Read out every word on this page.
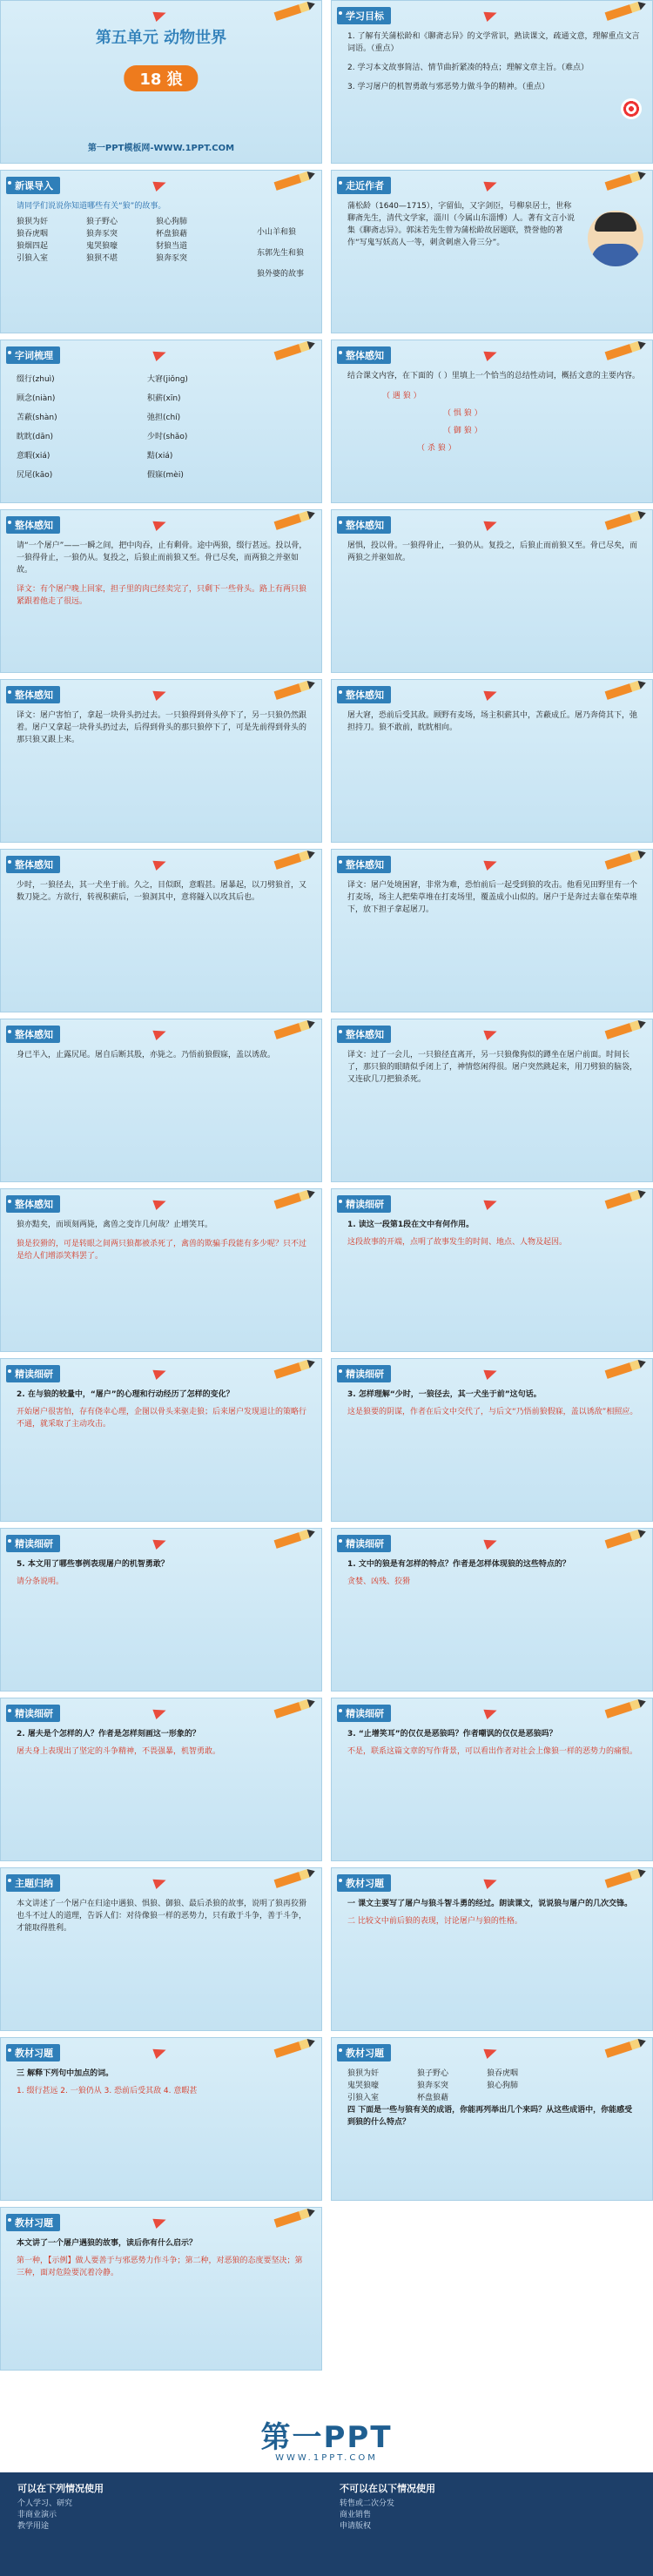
第五单元 动物世界
18 狼
第一PPT模板网-WWW.1PPT.COM
学习目标
1. 了解有关蒲松龄和《聊斋志异》的文学常识，熟读课文，疏通文意，理解重点文言词语。（重点）
2. 学习本文故事简洁、情节曲折紧凑的特点；理解文章主旨。（难点）
3. 学习屠户的机智勇敢与邪恶势力做斗争的精神。（重点）
新课导入
请同学们说说你知道哪些有关“狼”的故事。
狼狈为奸	狼子野心	狼心狗肺
狼吞虎咽	狼奔豕突	杯盘狼藉
狼烟四起	鬼哭狼嚎	豺狼当道
引狼入室	狼狈不堪	狼奔豕突
小山羊和狼
东郭先生和狼
狼外婆的故事
走近作者
蒲松龄（1640—1715），字留仙，又字剑臣，号柳泉居士，世称聊斋先生，清代文学家，淄川（今属山东淄博）人。著有文言小说集《聊斋志异》。郭沫若先生曾为蒲松龄故居题联，赞誉他的著作“写鬼写妖高人一等，刺贪刺虐入骨三分”。
字词梳理
缀行(zhuì)	大窘(jiǒng)
顾念(niàn)	积薪(xīn)
苫蔽(shàn)	弛担(chí)
眈眈(dān)	少时(shǎo)
意暇(xiá)	黠(xiá)
尻尾(kāo)	假寐(mèi)
整体感知
结合课文内容，在下面的（ ）里填上一个恰当的总结性动词，概括文意的主要内容。
（ 遇 狼 ）
（ 惧 狼 ）
（ 御 狼 ）
（ 杀 狼 ）
整体感知
请“一个屠户”——一瞬之间，把中肉吞，止有剩骨。途中两狼，缀行甚远。投以骨，一狼得骨止，一狼仍从。复投之，后狼止而前狼又至。骨已尽矣，而两狼之并驱如故。
译文：有个屠户晚上回家，担子里的肉已经卖完了，只剩下一些骨头。路上有两只狼紧跟着他走了很远。
整体感知
屠惧，投以骨。一狼得骨止，一狼仍从。复投之，后狼止而前狼又至。骨已尽矣，而两狼之并驱如故。
整体感知
译文：屠户害怕了，拿起一块骨头扔过去。一只狼得到骨头停下了，另一只狼仍然跟着。屠户又拿起一块骨头扔过去，后得到骨头的那只狼停下了，可是先前得到骨头的那只狼又跟上来。
整体感知
屠大窘，恐前后受其敌。顾野有麦场，场主积薪其中，苫蔽成丘。屠乃奔倚其下，弛担持刀。狼不敢前，眈眈相向。
整体感知
少时，一狼径去，其一犬坐于前。久之，目似瞑，意暇甚。屠暴起，以刀劈狼首，又数刀毙之。方欲行，转视积薪后，一狼洞其中，意将隧入以攻其后也。
整体感知
译文：屠户处境困窘，非常为难，恐怕前后一起受到狼的攻击。他看见田野里有一个打麦场，场主人把柴草堆在打麦场里，覆盖成小山似的。屠户于是奔过去靠在柴草堆下，放下担子拿起屠刀。
整体感知
身已半入，止露尻尾。屠自后断其股，亦毙之。乃悟前狼假寐，盖以诱敌。
整体感知
译文：过了一会儿，一只狼径直离开，另一只狼像狗似的蹲坐在屠户前面。时间长了，那只狼的眼睛似乎闭上了，神情悠闲得很。屠户突然跳起来，用刀劈狼的脑袋，又连砍几刀把狼杀死。
整体感知
狼亦黠矣，而顷刻两毙，禽兽之变诈几何哉？止增笑耳。
狼是狡猾的，可是转眼之间两只狼都被杀死了，禽兽的欺骗手段能有多少呢？只不过是给人们增添笑料罢了。
精读细研
1. 读这一段第1段在文中有何作用。
这段故事的开端，点明了故事发生的时间、地点、人物及起因。
精读细研
2. 在与狼的较量中，“屠户”的心理和行动经历了怎样的变化？
开始屠户很害怕，存有侥幸心理，企图以骨头来驱走狼；后来屠户发现退让的策略行不通，就采取了主动攻击。
精读细研
3. 怎样理解“少时，一狼径去，其一犬坐于前”这句话。
这是狼要的阴谋，作者在后文中交代了，与后文“乃悟前狼假寐，盖以诱敌”相照应。
精读细研
5. 本文用了哪些事例表现屠户的机智勇敢？
请分条说明。
精读细研
1. 文中的狼是有怎样的特点？作者是怎样体现狼的这些特点的？
贪婪、凶残、狡猾
精读细研
2. 屠夫是个怎样的人？作者是怎样刻画这一形象的？
屠夫身上表现出了坚定的斗争精神，不畏强暴，机智勇敢。
精读细研
3. “止增笑耳”的仅仅是恶狼吗？作者嘲讽的仅仅是恶狼吗？
不是，联系这篇文章的写作背景，可以看出作者对社会上像狼一样的恶势力的痛恨。
主题归纳
本文讲述了一个屠户在归途中遇狼、惧狼、御狼、最后杀狼的故事，说明了狼再狡猾也斗不过人的道理，告诉人们：对待像狼一样的恶势力，只有敢于斗争，善于斗争，才能取得胜利。
教材习题
一 课文主要写了屠户与狼斗智斗勇的经过。朗读课文，说说狼与屠户的几次交锋。
二 比较文中前后狼的表现，讨论屠户与狼的性格。
教材习题
三 解释下列句中加点的词。
1. 缀行甚远 2. 一狼仍从 3. 恐前后受其敌 4. 意暇甚
教材习题
狼狈为奸	狼子野心	狼吞虎咽
鬼哭狼嚎	狼奔豕突	狼心狗肺
引狼入室	杯盘狼藉
四 下面是一些与狼有关的成语，你能再列举出几个来吗？从这些成语中，你能感受到狼的什么特点？
教材习题
本文讲了一个屠户遇狼的故事，读后你有什么启示？
第一种，【示例】做人要善于与邪恶势力作斗争；第二种，对恶狼的态度要坚决；第三种，面对危险要沉着冷静。
第一PPT
WWW.1PPT.COM
可以在下列情况使用
个人学习、研究
非商业演示
教学用途
不可以在以下情况使用
转售或二次分发
商业销售
申请版权
